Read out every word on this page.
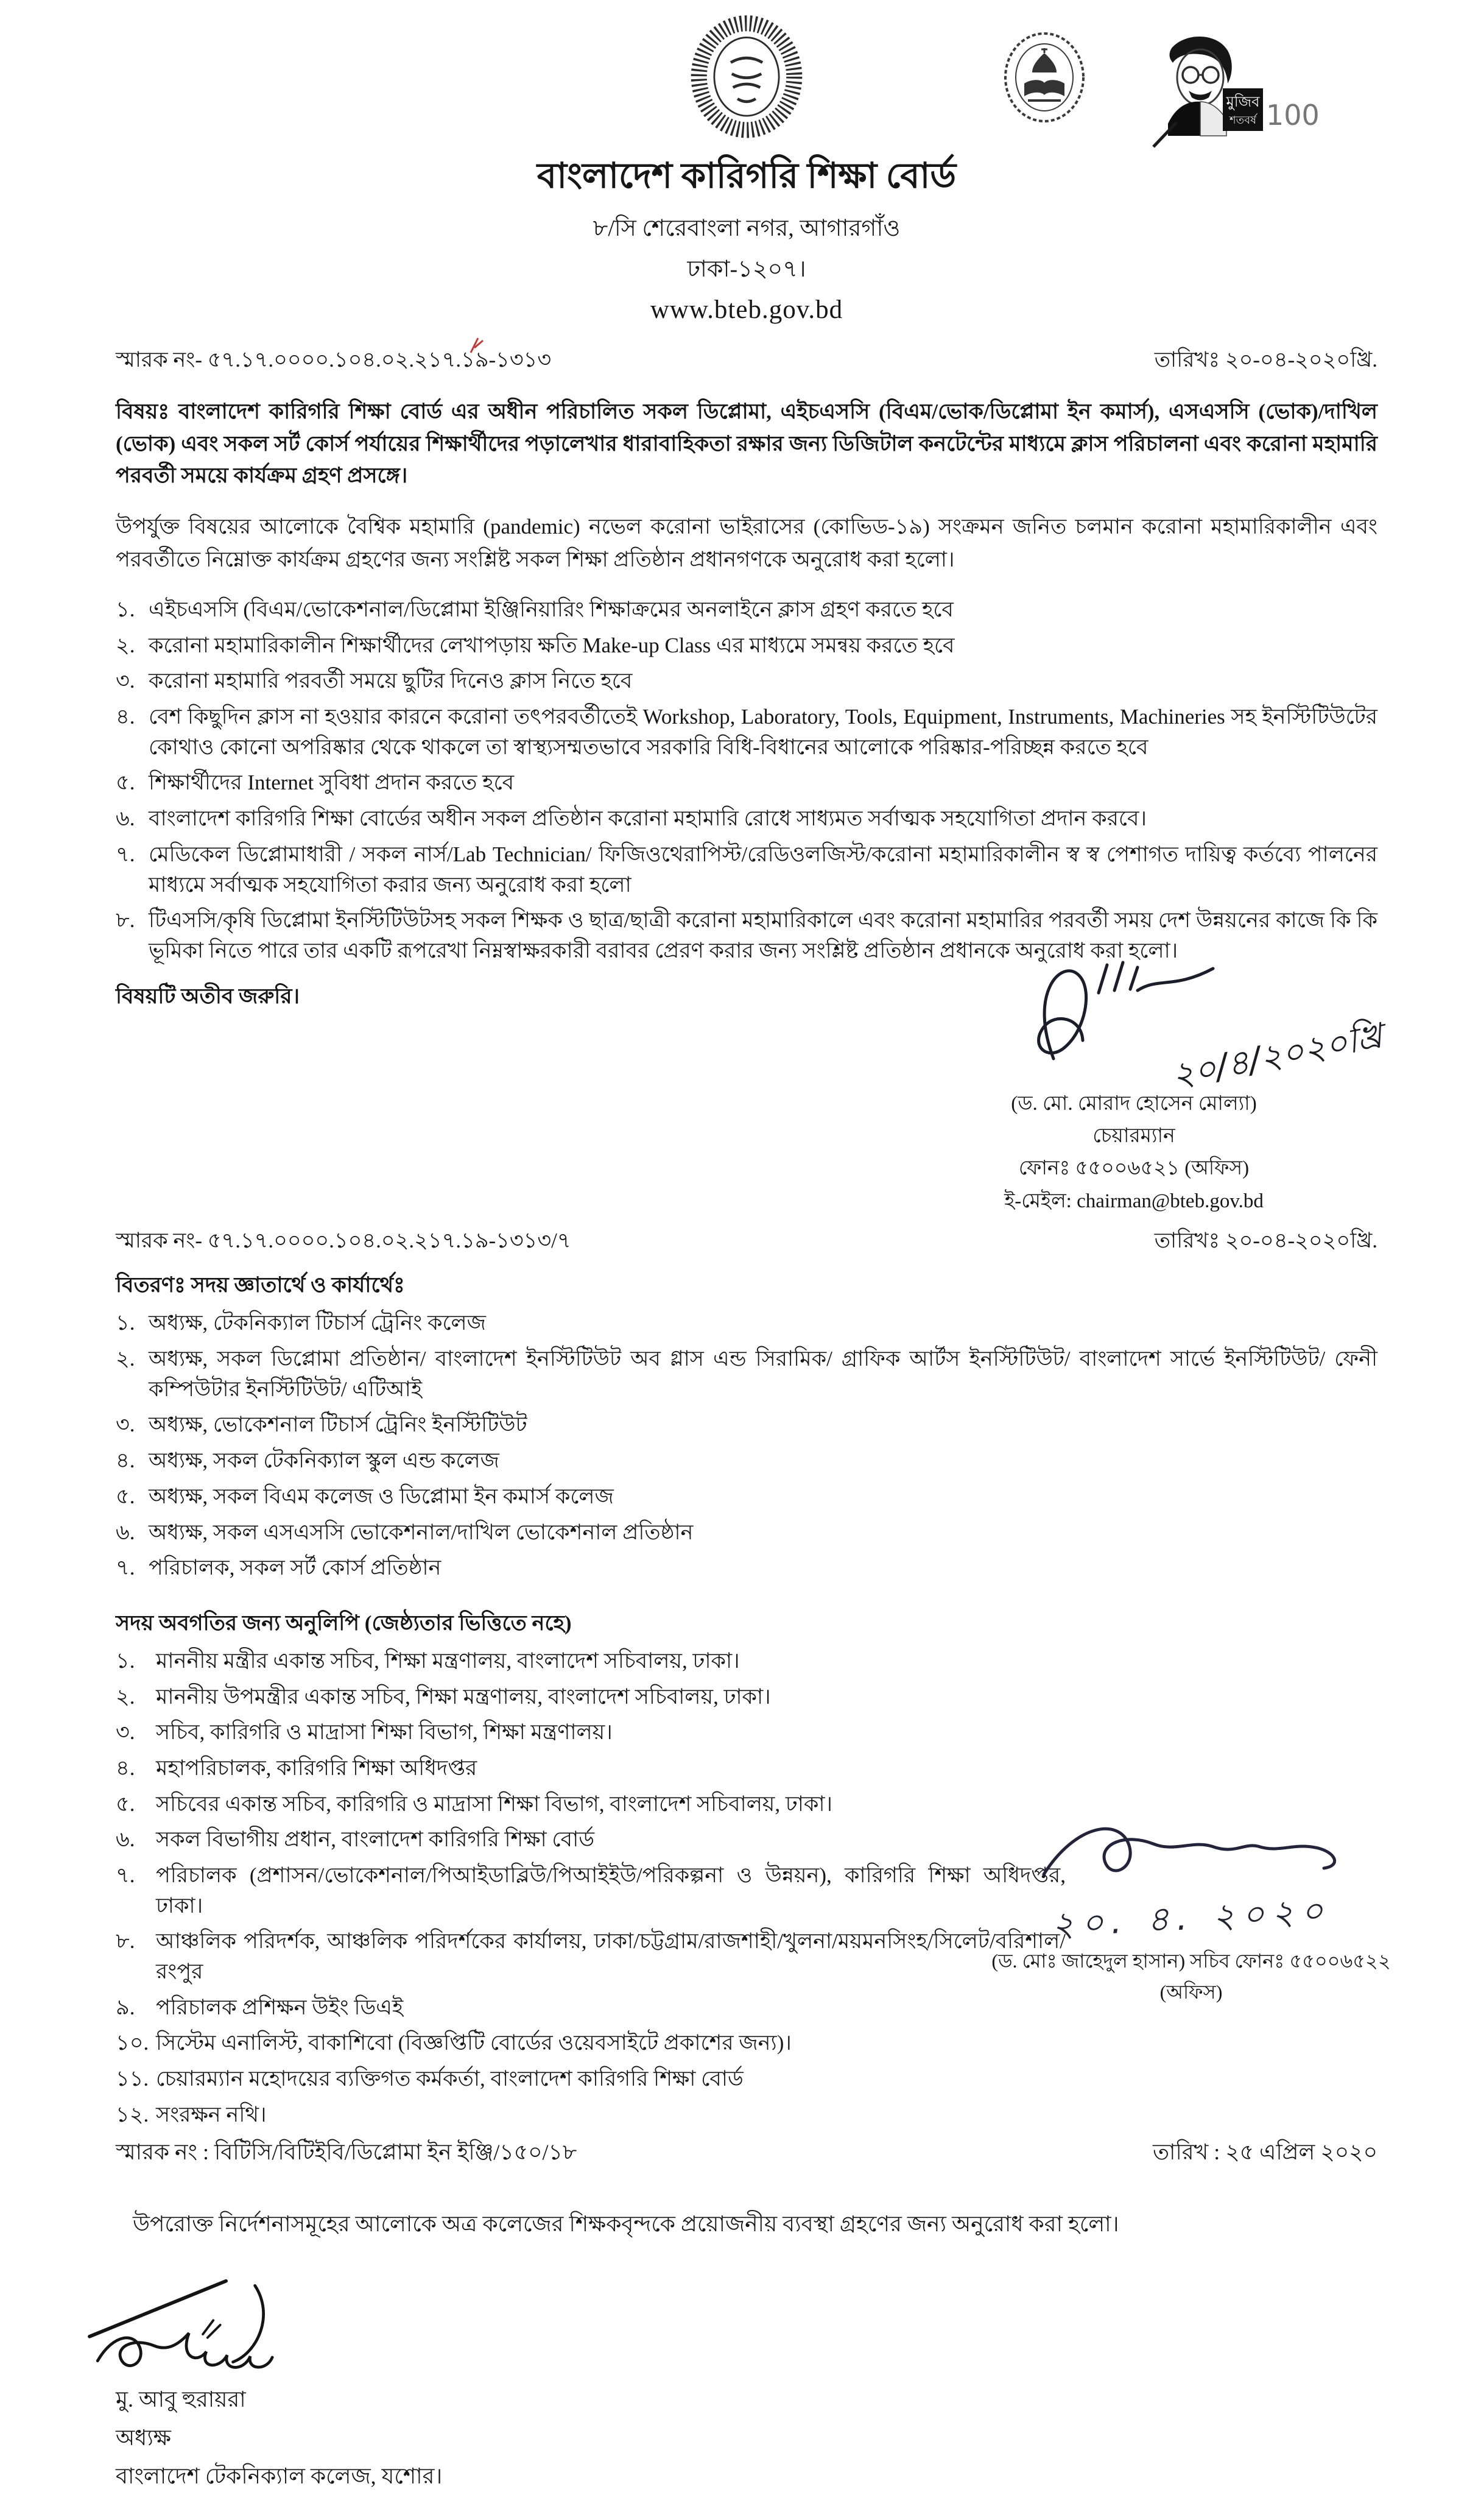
মুজিব
শতবর্ষ 100
বাংলাদেশ কারিগরি শিক্ষা বোর্ড
৮/সি শেরেবাংলা নগর, আগারগাঁও
ঢাকা-১২০৭।
www.bteb.gov.bd
স্মারক নং- ৫৭.১৭.০০০০.১০৪.০২.২১৭.১৯-১৩১৩	তারিখঃ ২০-০৪-২০২০খ্রি.

বিষয়ঃ বাংলাদেশ কারিগরি শিক্ষা বোর্ড এর অধীন পরিচালিত সকল ডিপ্লোমা, এইচএসসি (বিএম/ভোক/ডিপ্লোমা ইন কমার্স), এসএসসি (ভোক)/দাখিল (ভোক) এবং সকল সর্ট কোর্স পর্যায়ের শিক্ষার্থীদের পড়ালেখার ধারাবাহিকতা রক্ষার জন্য ডিজিটাল কনটেন্টের মাধ্যমে ক্লাস পরিচালনা এবং করোনা মহামারি পরবর্তী সময়ে কার্যক্রম গ্রহণ প্রসঙ্গে।

উপর্যুক্ত বিষয়ের আলোকে বৈশ্বিক মহামারি (pandemic) নভেল করোনা ভাইরাসের (কোভিড-১৯) সংক্রমন জনিত চলমান করোনা মহামারিকালীন এবং পরবর্তীতে নিম্নোক্ত কার্যক্রম গ্রহণের জন্য সংশ্লিষ্ট সকল শিক্ষা প্রতিষ্ঠান প্রধানগণকে অনুরোধ করা হলো।

১. এইচএসসি (বিএম/ভোকেশনাল/ডিপ্লোমা ইঞ্জিনিয়ারিং শিক্ষাক্রমের অনলাইনে ক্লাস গ্রহণ করতে হবে
২. করোনা মহামারিকালীন শিক্ষার্থীদের লেখাপড়ায় ক্ষতি Make-up Class এর মাধ্যমে সমন্বয় করতে হবে
৩. করোনা মহামারি পরবর্তী সময়ে ছুটির দিনেও ক্লাস নিতে হবে
৪. বেশ কিছুদিন ক্লাস না হওয়ার কারনে করোনা তৎপরবর্তীতেই Workshop, Laboratory, Tools, Equipment, Instruments, Machineries সহ ইনস্টিটিউটের কোথাও কোনো অপরিষ্কার থেকে থাকলে তা স্বাস্থ্যসম্মতভাবে সরকারি বিধি-বিধানের আলোকে পরিষ্কার-পরিচ্ছন্ন করতে হবে
৫. শিক্ষার্থীদের Internet সুবিধা প্রদান করতে হবে
৬. বাংলাদেশ কারিগরি শিক্ষা বোর্ডের অধীন সকল প্রতিষ্ঠান করোনা মহামারি রোধে সাধ্যমত সর্বাত্মক সহযোগিতা প্রদান করবে।
৭. মেডিকেল ডিপ্লোমাধারী / সকল নার্স/Lab Technician/ ফিজিওথেরাপিস্ট/রেডিওলজিস্ট/করোনা মহামারিকালীন স্ব স্ব পেশাগত দায়িত্ব কর্তব্যে পালনের মাধ্যমে সর্বাত্মক সহযোগিতা করার জন্য অনুরোধ করা হলো
৮. টিএসসি/কৃষি ডিপ্লোমা ইনস্টিটিউটসহ সকল শিক্ষক ও ছাত্র/ছাত্রী করোনা মহামারিকালে এবং করোনা মহামারির পরবর্তী সময় দেশ উন্নয়নের কাজে কি কি ভূমিকা নিতে পারে তার একটি রূপরেখা নিম্নস্বাক্ষরকারী বরাবর প্রেরণ করার জন্য সংশ্লিষ্ট প্রতিষ্ঠান প্রধানকে অনুরোধ করা হলো।

বিষয়টি অতীব জরুরি।

২০/৪/২০২০খ্রি
(ড. মো. মোরাদ হোসেন মোল্যা)
চেয়ারম্যান
ফোনঃ ৫৫০০৬৫২১ (অফিস)
ই-মেইল: chairman@bteb.gov.bd
স্মারক নং- ৫৭.১৭.০০০০.১০৪.০২.২১৭.১৯-১৩১৩/৭	তারিখঃ ২০-০৪-২০২০খ্রি.
বিতরণঃ সদয় জ্ঞাতার্থে ও কার্যার্থেঃ
১. অধ্যক্ষ, টেকনিক্যাল টিচার্স ট্রেনিং কলেজ
২. অধ্যক্ষ, সকল ডিপ্লোমা প্রতিষ্ঠান/ বাংলাদেশ ইনস্টিটিউট অব গ্লাস এন্ড সিরামিক/ গ্রাফিক আর্টস ইনস্টিটিউট/ বাংলাদেশ সার্ভে ইনস্টিটিউট/ ফেনী কম্পিউটার ইনস্টিটিউট/ এটিআই
৩. অধ্যক্ষ, ভোকেশনাল টিচার্স ট্রেনিং ইনস্টিটিউট
৪. অধ্যক্ষ, সকল টেকনিক্যাল স্কুল এন্ড কলেজ
৫. অধ্যক্ষ, সকল বিএম কলেজ ও ডিপ্লোমা ইন কমার্স কলেজ
৬. অধ্যক্ষ, সকল এসএসসি ভোকেশনাল/দাখিল ভোকেশনাল প্রতিষ্ঠান
৭. পরিচালক, সকল সর্ট কোর্স প্রতিষ্ঠান
সদয় অবগতির জন্য অনুলিপি (জেষ্ঠ্যতার ভিত্তিতে নহে)
১. মাননীয় মন্ত্রীর একান্ত সচিব, শিক্ষা মন্ত্রণালয়, বাংলাদেশ সচিবালয়, ঢাকা।
২. মাননীয় উপমন্ত্রীর একান্ত সচিব, শিক্ষা মন্ত্রণালয়, বাংলাদেশ সচিবালয়, ঢাকা।
৩. সচিব, কারিগরি ও মাদ্রাসা শিক্ষা বিভাগ, শিক্ষা মন্ত্রণালয়।
৪. মহাপরিচালক, কারিগরি শিক্ষা অধিদপ্তর
৫. সচিবের একান্ত সচিব, কারিগরি ও মাদ্রাসা শিক্ষা বিভাগ, বাংলাদেশ সচিবালয়, ঢাকা।
৬. সকল বিভাগীয় প্রধান, বাংলাদেশ কারিগরি শিক্ষা বোর্ড
৭. পরিচালক (প্রশাসন/ভোকেশনাল/পিআইডাব্লিউ/পিআইইউ/পরিকল্পনা ও উন্নয়ন), কারিগরি শিক্ষা অধিদপ্তর, ঢাকা।
৮. আঞ্চলিক পরিদর্শক, আঞ্চলিক পরিদর্শকের কার্যালয়, ঢাকা/চট্টগ্রাম/রাজশাহী/খুলনা/ময়মনসিংহ/সিলেট/বরিশাল/রংপুর
৯. পরিচালক প্রশিক্ষন উইং ডিএই
১০. সিস্টেম এনালিস্ট, বাকাশিবো (বিজ্ঞপ্তিটি বোর্ডের ওয়েবসাইটে প্রকাশের জন্য)।
১১. চেয়ারম্যান মহোদয়ের ব্যক্তিগত কর্মকর্তা, বাংলাদেশ কারিগরি শিক্ষা বোর্ড
১২. সংরক্ষন নথি।
২০. ৪. ২০২০
(ড. মোঃ জাহেদুল হাসান) সচিব ফোনঃ ৫৫০০৬৫২২ (অফিস)
স্মারক নং : বিটিসি/বিটিইবি/ডিপ্লোমা ইন ইঞ্জি/১৫০/১৮	তারিখ : ২৫ এপ্রিল ২০২০

উপরোক্ত নির্দেশনাসমূহের আলোকে অত্র কলেজের শিক্ষকবৃন্দকে প্রয়োজনীয় ব্যবস্থা গ্রহণের জন্য অনুরোধ করা হলো।

মু. আবু হুরায়রা
অধ্যক্ষ
বাংলাদেশ টেকনিক্যাল কলেজ, যশোর।
